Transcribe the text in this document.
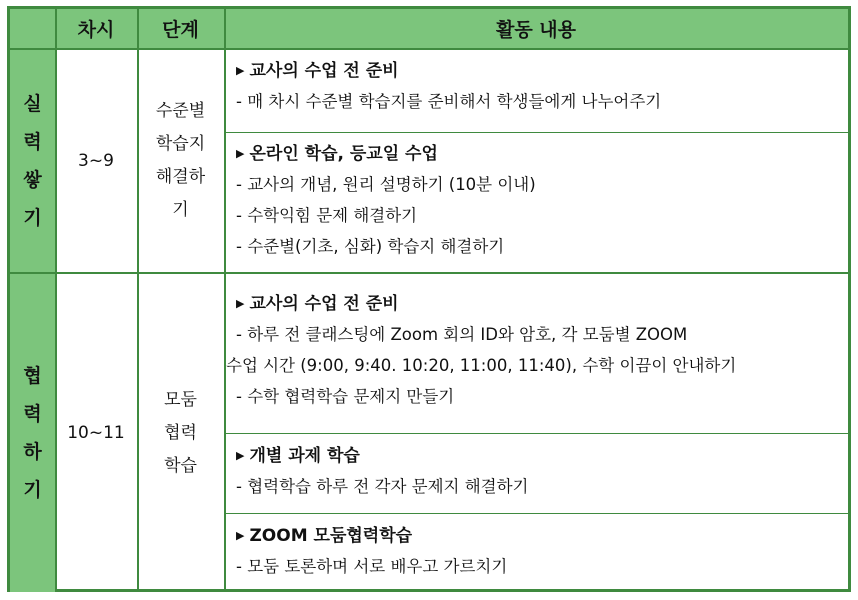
차시	단계	활동 내용
실
력
쌓
기
3~9
수준별
학습지
해결하
기
▶ 교사의 수업 전 준비
- 매 차시 수준별 학습지를 준비해서 학생들에게 나누어주기
▶ 온라인 학습, 등교일 수업
- 교사의 개념, 원리 설명하기 (10분 이내)
- 수학익힘 문제 해결하기
- 수준별(기초, 심화) 학습지 해결하기
협
력
하
기
10~11
모둠
협력
학습
▶ 교사의 수업 전 준비
- 하루 전 클래스팅에 Zoom 회의 ID와 암호, 각 모둠별 ZOOM
수업 시간 (9:00, 9:40. 10:20, 11:00, 11:40), 수학 이끔이 안내하기
- 수학 협력학습 문제지 만들기
▶ 개별 과제 학습
- 협력학습 하루 전 각자 문제지 해결하기
▶ ZOOM 모둠협력학습
- 모둠 토론하며 서로 배우고 가르치기
